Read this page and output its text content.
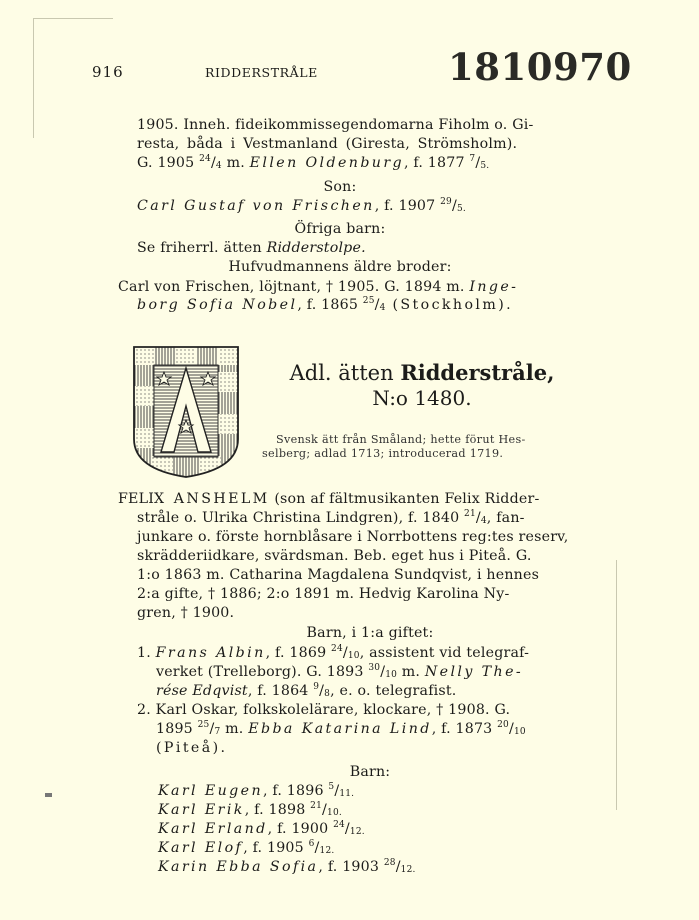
916	RIDDERSTRÅLE	1810970
1905. Inneh. fideikommissegendomarna Fiholm o. Gi-
resta, båda i Vestmanland (Giresta, Strömsholm).
G. 1905 $^{24}/_4$ m. Ellen Oldenburg, f. 1877 $^7/_{5.}$
Son:
Carl Gustaf von Frischen, f. 1907 $^{29}/_{5.}$
Öfriga barn:
Se friherrl. ätten Ridderstolpe.
Hufvudmannens äldre broder:
Carl von Frischen, löjtnant, † 1905. G. 1894 m. Inge-
borg Sofia Nobel, f. 1865 $^{25}/_4$ (Stockholm).
Adl. ätten Ridderstråle,
N:o 1480.
Svensk ätt från Småland; hette förut Hes-
selberg; adlad 1713; introducerad 1719.
FELIX ANSHELM (son af fältmusikanten Felix Ridder-
stråle o. Ulrika Christina Lindgren), f. 1840 $^{21}/_4$, fan-
junkare o. förste hornblåsare i Norrbottens reg:tes reserv,
skrädderiidkare, svärdsman. Beb. eget hus i Piteå. G.
1:o 1863 m. Catharina Magdalena Sundqvist, i hennes
2:a gifte, † 1886; 2:o 1891 m. Hedvig Karolina Ny-
gren, † 1900.
Barn, i 1:a giftet:
1. Frans Albin, f. 1869 $^{24}/_{10}$, assistent vid telegraf-
verket (Trelleborg). G. 1893 $^{30}/_{10}$ m. Nelly The-
rése Edqvist, f. 1864 $^9/_8$, e. o. telegrafist.
2. Karl Oskar, folkskolelärare, klockare, † 1908. G.
1895 $^{25}/_7$ m. Ebba Katarina Lind, f. 1873 $^{20}/_{10}$
(Piteå).
Barn:
Karl Eugen, f. 1896 $^5/_{11.}$
Karl Erik, f. 1898 $^{21}/_{10.}$
Karl Erland, f. 1900 $^{24}/_{12.}$
Karl Elof, f. 1905 $^6/_{12.}$
Karin Ebba Sofia, f. 1903 $^{28}/_{12.}$
